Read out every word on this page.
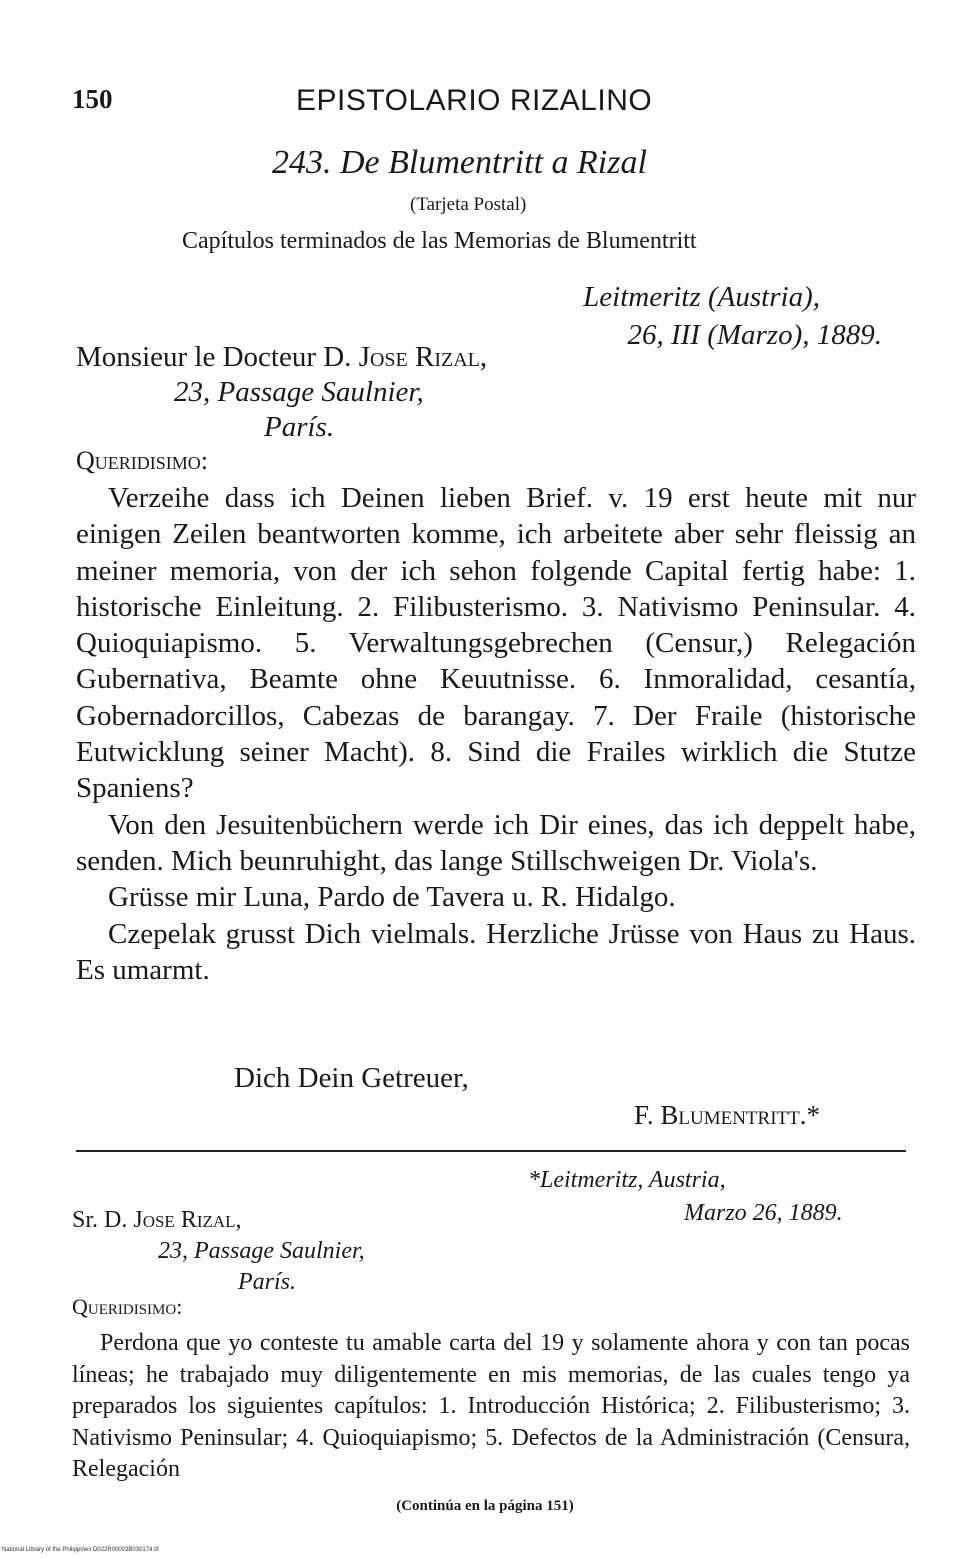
150	EPISTOLARIO RIZALINO
243. De Blumentritt a Rizal
(Tarjeta Postal)
Capítulos terminados de las Memorias de Blumentritt
Leitmeritz (Austria),
26, III (Marzo), 1889.
Monsieur le Docteur D. Jose Rizal,
23, Passage Saulnier,
París.
Queridisimo:

Verzeihe dass ich Deinen lieben Brief. v. 19 erst heute mit nur einigen Zeilen beantworten komme, ich arbeitete aber sehr fleissig an meiner memoria, von der ich sehon folgende Capital fertig habe: 1. historische Einleitung. 2. Filibusterismo. 3. Nativismo Peninsular. 4. Quioquiapismo. 5. Verwaltungsgebrechen (Censur,) Relegación Gubernativa, Beamte ohne Keuutnisse. 6. Inmoralidad, cesantía, Gobernadorcillos, Cabezas de barangay. 7. Der Fraile (historische Eutwicklung seiner Macht). 8. Sind die Frailes wirklich die Stutze Spaniens?

Von den Jesuitenbüchern werde ich Dir eines, das ich deppelt habe, senden. Mich beunruhight, das lange Stillschweigen Dr. Viola's.

Grüsse mir Luna, Pardo de Tavera u. R. Hidalgo.

Czepelak grusst Dich vielmals. Herzliche Jrüsse von Haus zu Haus. Es umarmt.

Dich Dein Getreuer,
F. Blumentritt.*
*Leitmeritz, Austria,
Marzo 26, 1889.
Sr. D. Jose Rizal,
23, Passage Saulnier,
París.
Queridisimo:

Perdona que yo conteste tu amable carta del 19 y solamente ahora y con tan pocas líneas; he trabajado muy diligentemente en mis memorias, de las cuales tengo ya preparados los siguientes capítulos: 1. Introducción Histórica; 2. Filibusterismo; 3. Nativismo Peninsular; 4. Quioquiapismo; 5. Defectos de la Administración (Censura, Relegación

(Continúa en la página 151)
National Library of the Philippines D022R00003B030174.tif
